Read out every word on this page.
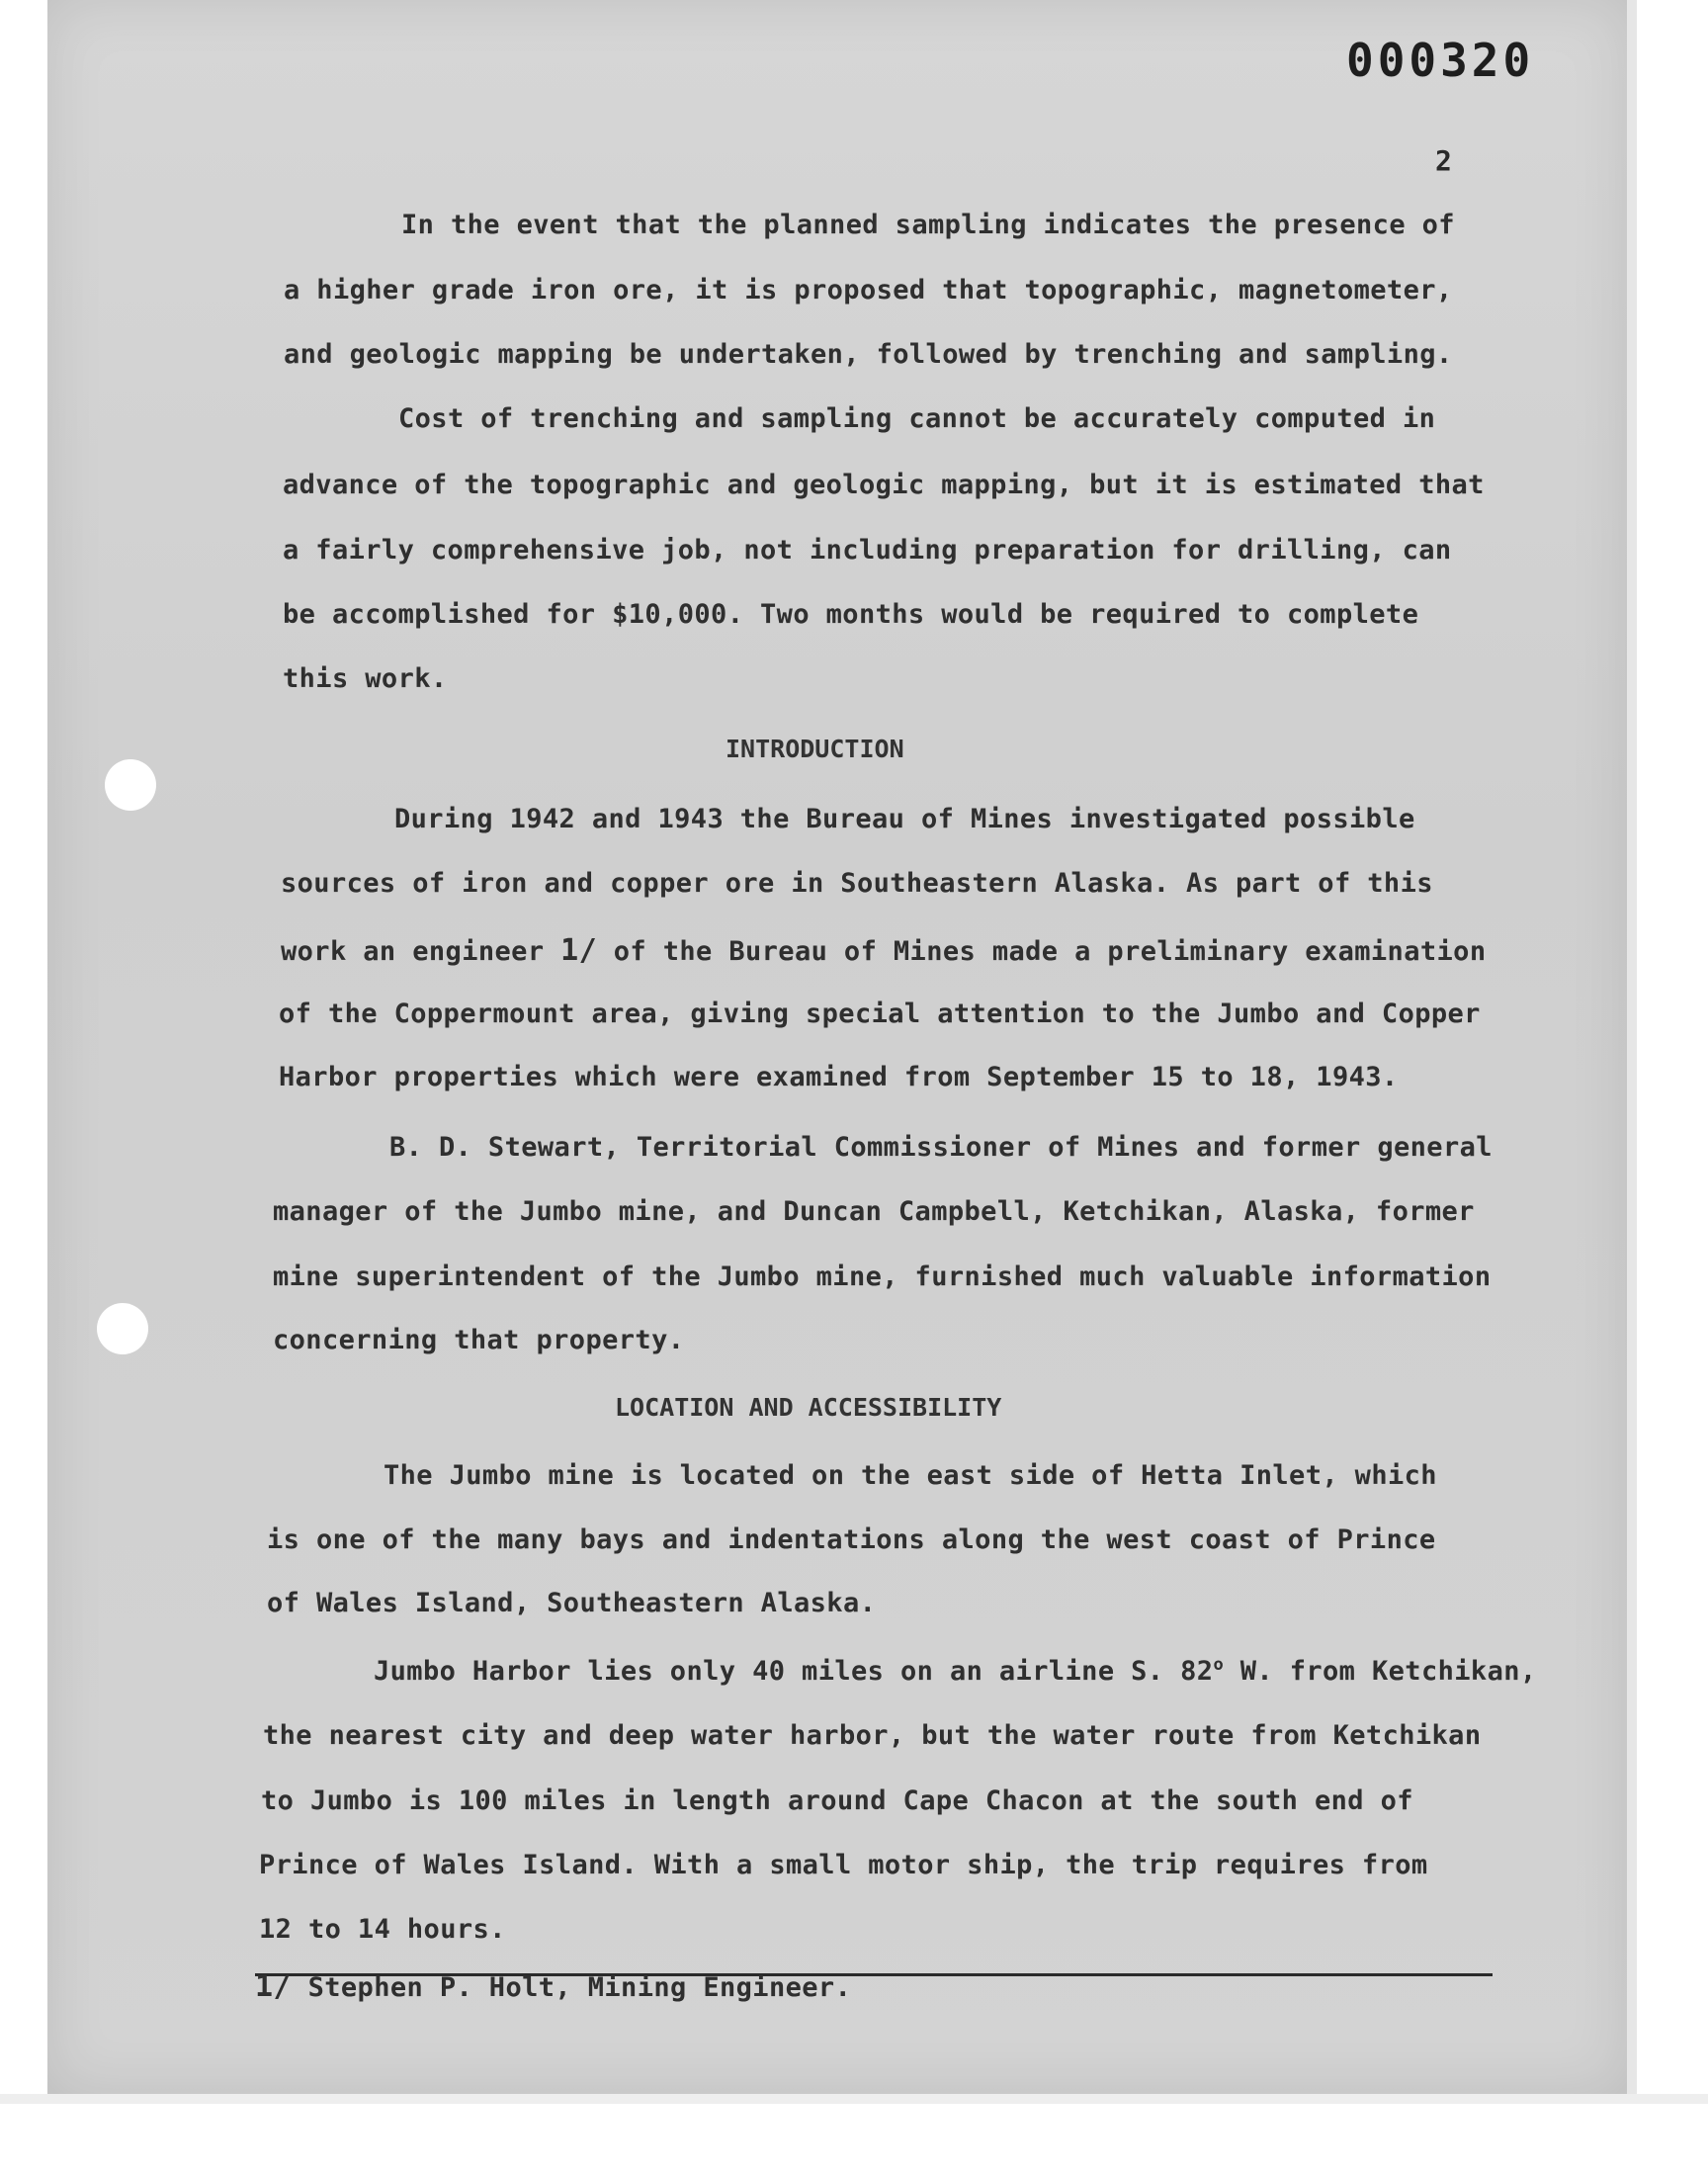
000320
2
In the event that the planned sampling indicates the presence of
a higher grade iron ore, it is proposed that topographic, magnetometer,
and geologic mapping be undertaken, followed by trenching and sampling.
Cost of trenching and sampling cannot be accurately computed in
advance of the topographic and geologic mapping, but it is estimated that
a fairly comprehensive job, not including preparation for drilling, can
be accomplished for $10,000. Two months would be required to complete
this work.
INTRODUCTION
During 1942 and 1943 the Bureau of Mines investigated possible
sources of iron and copper ore in Southeastern Alaska. As part of this
work an engineer 1/ of the Bureau of Mines made a preliminary examination
of the Coppermount area, giving special attention to the Jumbo and Copper
Harbor properties which were examined from September 15 to 18, 1943.
B. D. Stewart, Territorial Commissioner of Mines and former general
manager of the Jumbo mine, and Duncan Campbell, Ketchikan, Alaska, former
mine superintendent of the Jumbo mine, furnished much valuable information
concerning that property.
LOCATION AND ACCESSIBILITY
The Jumbo mine is located on the east side of Hetta Inlet, which
is one of the many bays and indentations along the west coast of Prince
of Wales Island, Southeastern Alaska.
Jumbo Harbor lies only 40 miles on an airline S. 82$^o$ W. from Ketchikan,
the nearest city and deep water harbor, but the water route from Ketchikan
to Jumbo is 100 miles in length around Cape Chacon at the south end of
Prince of Wales Island. With a small motor ship, the trip requires from
12 to 14 hours.
1/ Stephen P. Holt, Mining Engineer.
